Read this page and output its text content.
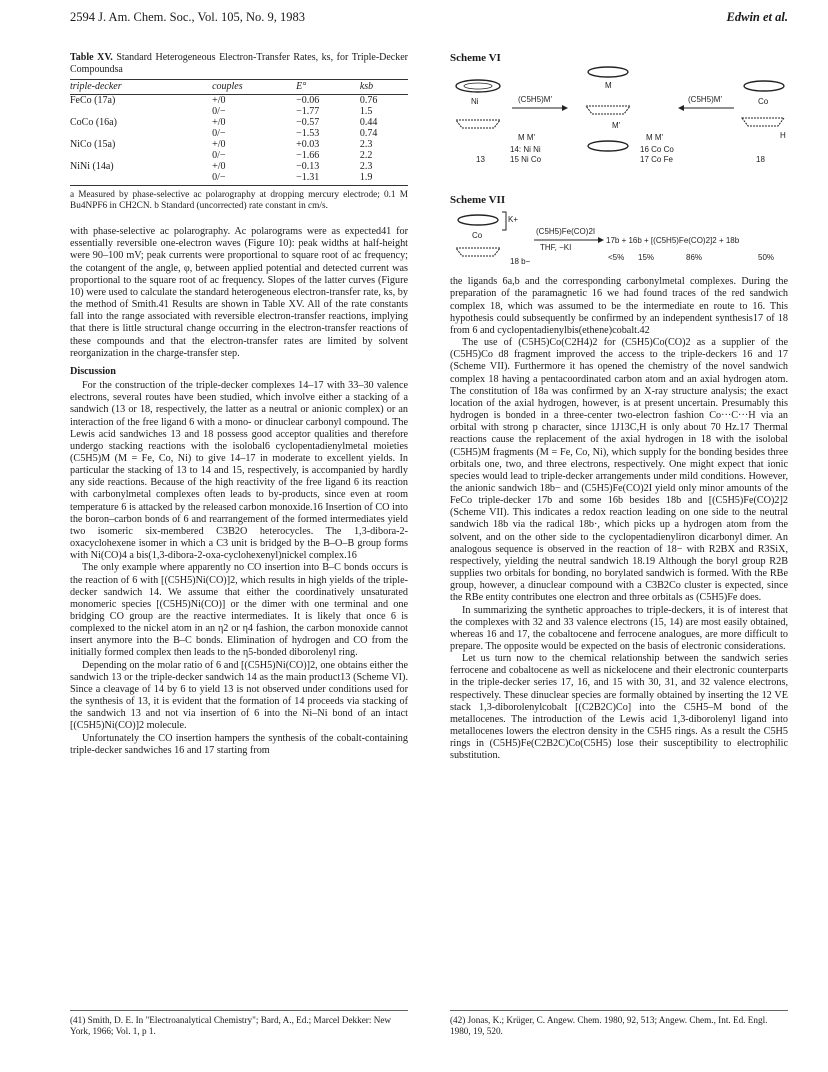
2594 J. Am. Chem. Soc., Vol. 105, No. 9, 1983	Edwin et al.
Table XV. Standard Heterogeneous Electron-Transfer Rates, ks, for Triple-Decker Compoundsa
triple-decker	couples	E°	ksb
FeCo (17a)	+/0	−0.06	0.76
	0/−	−1.77	1.5
CoCo (16a)	+/0	−0.57	0.44
	0/−	−1.53	0.74
NiCo (15a)	+/0	+0.03	2.3
	0/−	−1.66	2.2
NiNi (14a)	+/0	−0.13	2.3
	0/−	−1.31	1.9
a Measured by phase-selective ac polarography at dropping mercury electrode; 0.1 M Bu4NPF6 in CH2CN. b Standard (uncorrected) rate constant in cm/s.

with phase-selective ac polarography. Ac polarograms were as expected41 for essentially reversible one-electron waves (Figure 10): peak widths at half-height were 90–100 mV; peak currents were proportional to square root of ac frequency; the cotangent of the angle, φ, between applied potential and detected current was proportional to the square root of ac frequency. Slopes of the latter curves (Figure 10) were used to calculate the standard heterogeneous electron-transfer rate, ks, by the method of Smith.41 Results are shown in Table XV. All of the rate constants fall into the range associated with reversible electron-transfer reactions, implying that there is little structural change occurring in the electron-transfer reactions of these compounds and that the electron-transfer rates are limited by solvent reorganization in the charge-transfer step.

Discussion

For the construction of the triple-decker complexes 14–17 with 33–30 valence electrons, several routes have been studied, which involve either a stacking of a sandwich (13 or 18, respectively, the latter as a neutral or anionic complex) or an interaction of the free ligand 6 with a mono- or dinuclear carbonyl compound. The Lewis acid sandwiches 13 and 18 possess good acceptor qualities and therefore undergo stacking reactions with the isolobal6 cyclopentadienylmetal moieties (C5H5)M (M = Fe, Co, Ni) to give 14–17 in moderate to excellent yields. In particular the stacking of 13 to 14 and 15, respectively, is accompanied by hardly any side reactions. Because of the high reactivity of the free ligand 6 its reaction with carbonylmetal complexes often leads to by-products, since even at room temperature 6 is attacked by the released carbon monoxide.16 Insertion of CO into the boron–carbon bonds of 6 and rearrangement of the formed intermediates yield two isomeric six-membered C3B2O heterocycles. The 1,3-dibora-2-oxacyclohexene isomer in which a C3 unit is bridged by the B–O–B group forms with Ni(CO)4 a bis(1,3-dibora-2-oxa-cyclohexenyl)nickel complex.16

The only example where apparently no CO insertion into B–C bonds occurs is the reaction of 6 with [(C5H5)Ni(CO)]2, which results in high yields of the triple-decker sandwich 14. We assume that either the coordinatively unsaturated monomeric species [(C5H5)Ni(CO)] or the dimer with one terminal and one bridging CO group are the reactive intermediates. It is likely that once 6 is complexed to the nickel atom in an η2 or η4 fashion, the carbon monoxide cannot insert anymore into the B–C bonds. Elimination of hydrogen and CO from the initially formed complex then leads to the η5-bonded diborolenyl ring.

Depending on the molar ratio of 6 and [(C5H5)Ni(CO)]2, one obtains either the sandwich 13 or the triple-decker sandwich 14 as the main product13 (Scheme VI). Since a cleavage of 14 by 6 to yield 13 is not observed under conditions used for the synthesis of 13, it is evident that the formation of 14 proceeds via stacking of the sandwich 13 and not via insertion of 6 into the Ni–Ni bond of an intact [(C5H5)Ni(CO)]2 molecule.

Unfortunately the CO insertion hampers the synthesis of the cobalt-containing triple-decker sandwiches 16 and 17 starting from

(41) Smith, D. E. In "Electroanalytical Chemistry"; Bard, A., Ed.; Marcel Dekker: New York, 1966; Vol. 1, p 1.
Scheme VI
Ni	(C5H5)M'
M
M'
(C5H5)M'	Co
H
M M'
14: Ni Ni
15 Ni Co
M M'
16 Co Co
17 Co Fe
13	18
Scheme VII
K+
Co	(C5H5)Fe(CO)2I
THF, −KI
17b + 16b + [(C5H5)Fe(CO)2]2 + 18b
18 b−	<5% 15%	86%	50%

the ligands 6a,b and the corresponding carbonylmetal complexes. During the preparation of the paramagnetic 16 we had found traces of the red sandwich complex 18, which was assumed to be the intermediate en route to 16. This hypothesis could subsequently be confirmed by an independent synthesis17 of 18 from 6 and cyclopentadienylbis(ethene)cobalt.42

The use of (C5H5)Co(C2H4)2 for (C5H5)Co(CO)2 as a supplier of the (C5H5)Co d8 fragment improved the access to the triple-deckers 16 and 17 (Scheme VII). Furthermore it has opened the chemistry of the novel sandwich complex 18 having a pentacoordinated carbon atom and an axial hydrogen atom. The constitution of 18a was confirmed by an X-ray structure analysis; the exact location of the axial hydrogen, however, is at present uncertain. Presumably this hydrogen is bonded in a three-center two-electron fashion Co···C···H via an orbital with strong p character, since 1J13C,H is only about 70 Hz.17 Thermal reactions cause the replacement of the axial hydrogen in 18 with the isolobal (C5H5)M fragments (M = Fe, Co, Ni), which supply for the bonding besides three orbitals one, two, and three electrons, respectively. One might expect that ionic species would lead to triple-decker arrangements under mild conditions. However, the anionic sandwich 18b− and (C5H5)Fe(CO)2I yield only minor amounts of the FeCo triple-decker 17b and some 16b besides 18b and [(C5H5)Fe(CO)2]2 (Scheme VII). This indicates a redox reaction leading on one side to the neutral sandwich 18b via the radical 18b·, which picks up a hydrogen atom from the solvent, and on the other side to the cyclopentadienyliron dicarbonyl dimer. An analogous sequence is observed in the reaction of 18− with R2BX and R3SiX, respectively, yielding the neutral sandwich 18.19 Although the boryl group R2B supplies two orbitals for bonding, no borylated sandwich is formed. With the RBe group, however, a dinuclear compound with a C3B2Co cluster is expected, since the RBe entity contributes one electron and three orbitals as (C5H5)Fe does.

In summarizing the synthetic approaches to triple-deckers, it is of interest that the complexes with 32 and 33 valence electrons (15, 14) are most easily obtained, whereas 16 and 17, the cobaltocene and ferrocene analogues, are more difficult to prepare. The opposite would be expected on the basis of electronic considerations.

Let us turn now to the chemical relationship between the sandwich series ferrocene and cobaltocene as well as nickelocene and their electronic counterparts in the triple-decker series 17, 16, and 15 with 30, 31, and 32 valence electrons, respectively. These dinuclear species are formally obtained by inserting the 12 VE stack 1,3-diborolenylcobalt [(C2B2C)Co] into the C5H5–M bond of the metallocenes. The introduction of the Lewis acid 1,3-diborolenyl ligand into metallocenes lowers the electron density in the C5H5 rings. As a result the C5H5 rings in (C5H5)Fe(C2B2C)Co(C5H5) lose their susceptibility to electrophilic substitution.

(42) Jonas, K.; Krüger, C. Angew. Chem. 1980, 92, 513; Angew. Chem., Int. Ed. Engl. 1980, 19, 520.
